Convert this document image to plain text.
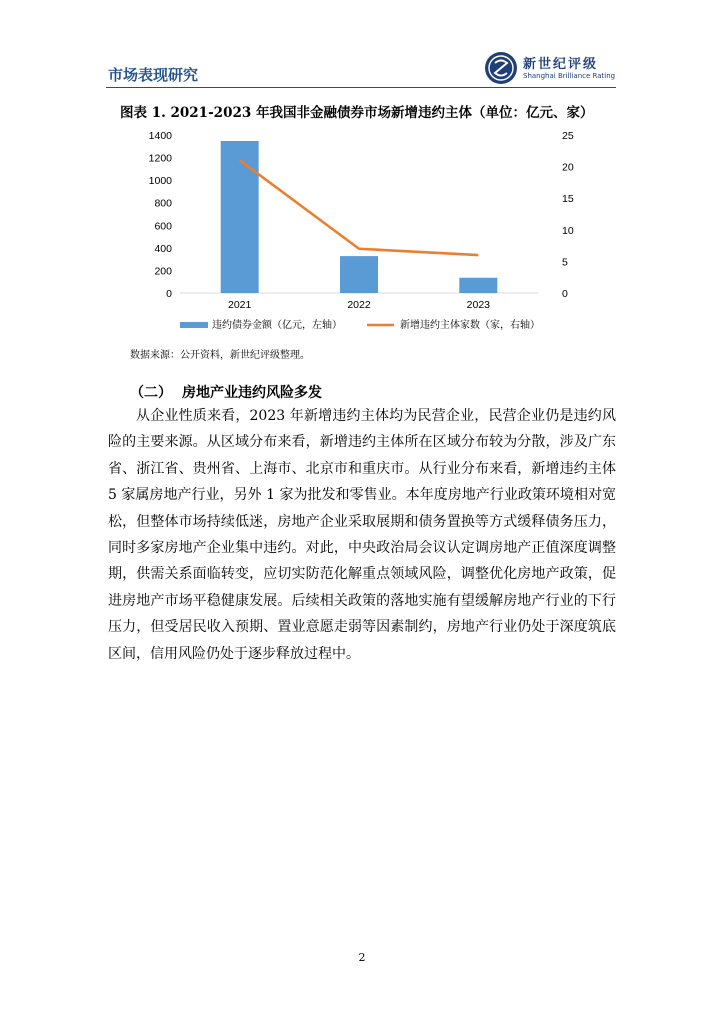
市场表现研究
新世纪评级
Shanghai Brilliance Rating
图表 1. 2021-2023 年我国非金融债券市场新增违约主体（单位：亿元、家）
0
200
400
600
800
1000
1200
1400
0
5
10
15
20
25
2021	2022	2023
违约债券金额（亿元，左轴）	新增违约主体家数（家，右轴）
数据来源：公开资料，新世纪评级整理。
（二） 房地产业违约风险多发

从企业性质来看，2023 年新增违约主体均为民营企业，民营企业仍是违约风险的主要来源。从区域分布来看，新增违约主体所在区域分布较为分散，涉及广东省、浙江省、贵州省、上海市、北京市和重庆市。从行业分布来看，新增违约主体 5 家属房地产行业，另外 1 家为批发和零售业。本年度房地产行业政策环境相对宽松，但整体市场持续低迷，房地产企业采取展期和债务置换等方式缓释债务压力，同时多家房地产企业集中违约。对此，中央政治局会议认定调房地产正值深度调整期，供需关系面临转变，应切实防范化解重点领域风险，调整优化房地产政策，促进房地产市场平稳健康发展。后续相关政策的落地实施有望缓解房地产行业的下行压力，但受居民收入预期、置业意愿走弱等因素制约，房地产行业仍处于深度筑底区间，信用风险仍处于逐步释放过程中。

2
